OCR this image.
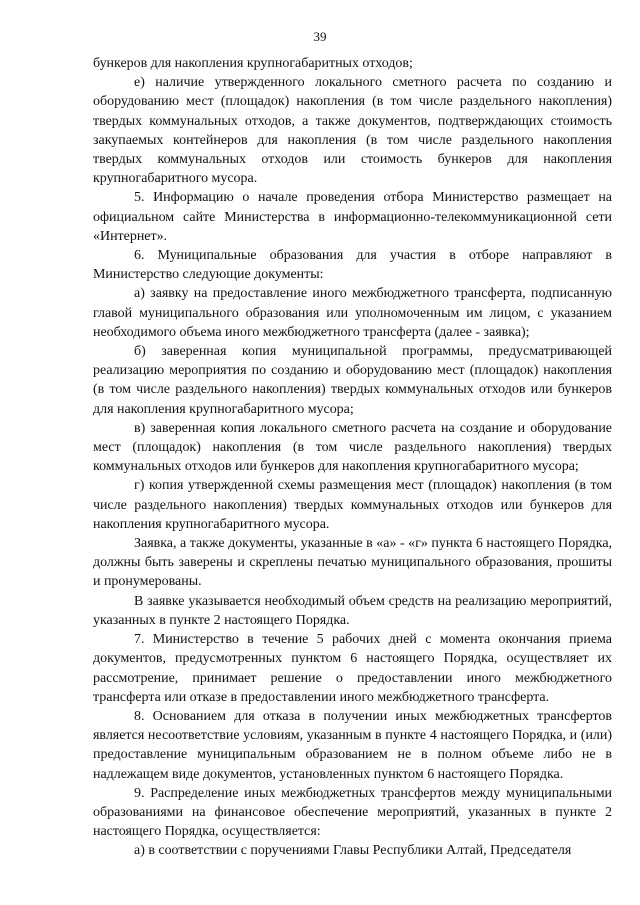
39

бункеров для накопления крупногабаритных отходов;

е) наличие утвержденного локального сметного расчета по созданию и оборудованию мест (площадок) накопления (в том числе раздельного накопления) твердых коммунальных отходов, а также документов, подтверждающих стоимость закупаемых контейнеров для накопления (в том числе раздельного накопления твердых коммунальных отходов или стоимость бункеров для накопления крупногабаритного мусора.

5. Информацию о начале проведения отбора Министерство размещает на официальном сайте Министерства в информационно-телекоммуникационной сети «Интернет».

6. Муниципальные образования для участия в отборе направляют в Министерство следующие документы:

а) заявку на предоставление иного межбюджетного трансферта, подписанную главой муниципального образования или уполномоченным им лицом, с указанием необходимого объема иного межбюджетного трансферта (далее - заявка);

б) заверенная копия муниципальной программы, предусматривающей реализацию мероприятия по созданию и оборудованию мест (площадок) накопления (в том числе раздельного накопления) твердых коммунальных отходов или бункеров для накопления крупногабаритного мусора;

в) заверенная копия локального сметного расчета на создание и оборудование мест (площадок) накопления (в том числе раздельного накопления) твердых коммунальных отходов или бункеров для накопления крупногабаритного мусора;

г) копия утвержденной схемы размещения мест (площадок) накопления (в том числе раздельного накопления) твердых коммунальных отходов или бункеров для накопления крупногабаритного мусора.

Заявка, а также документы, указанные в «а» - «г» пункта 6 настоящего Порядка, должны быть заверены и скреплены печатью муниципального образования, прошиты и пронумерованы.

В заявке указывается необходимый объем средств на реализацию мероприятий, указанных в пункте 2 настоящего Порядка.

7. Министерство в течение 5 рабочих дней с момента окончания приема документов, предусмотренных пунктом 6 настоящего Порядка, осуществляет их рассмотрение, принимает решение о предоставлении иного межбюджетного трансферта или отказе в предоставлении иного межбюджетного трансферта.

8. Основанием для отказа в получении иных межбюджетных трансфертов является несоответствие условиям, указанным в пункте 4 настоящего Порядка, и (или) предоставление муниципальным образованием не в полном объеме либо не в надлежащем виде документов, установленных пунктом 6 настоящего Порядка.

9. Распределение иных межбюджетных трансфертов между муниципальными образованиями на финансовое обеспечение мероприятий, указанных в пункте 2 настоящего Порядка, осуществляется:

а) в соответствии с поручениями Главы Республики Алтай, Председателя
